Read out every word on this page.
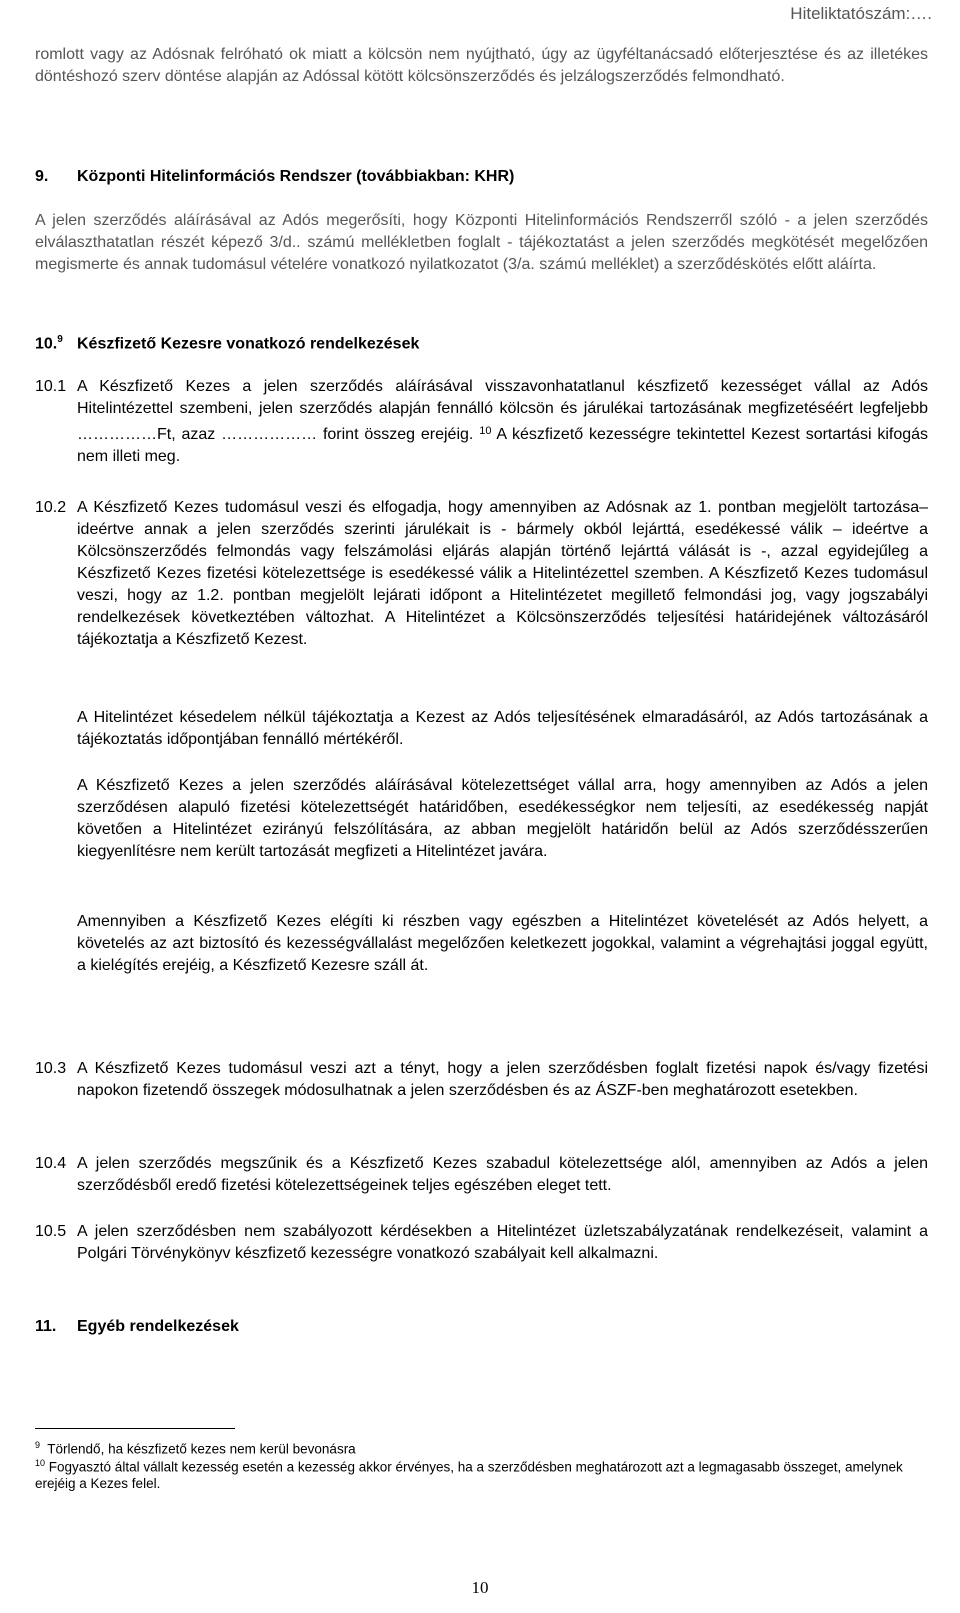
Hiteliktatószám:….
romlott vagy az Adósnak felróható ok miatt a kölcsön nem nyújtható, úgy az ügyféltanácsadó előterjesztése és az illetékes döntéshozó szerv döntése alapján az Adóssal kötött kölcsönszerződés és jelzálogszerződés felmondható.
9. Központi Hitelinformációs Rendszer (továbbiakban: KHR)
A jelen szerződés aláírásával az Adós megerősíti, hogy Központi Hitelinformációs Rendszerről szóló - a jelen szerződés elválaszthatatlan részét képező 3/d.. számú mellékletben foglalt - tájékoztatást a jelen szerződés megkötését megelőzően megismerte és annak tudomásul vételére vonatkozó nyilatkozatot (3/a. számú melléklet) a szerződéskötés előtt aláírta.
10.$^9$ Készfizető Kezesre vonatkozó rendelkezések
10.1 A Készfizető Kezes a jelen szerződés aláírásával visszavonhatatlanul készfizető kezességet vállal az Adós Hitelintézettel szembeni, jelen szerződés alapján fennálló kölcsön és járulékai tartozásának megfizetéséért legfeljebb ……………Ft, azaz ……………… forint összeg erejéig. $^{10}$ A készfizető kezességre tekintettel Kezest sortartási kifogás nem illeti meg.
10.2 A Készfizető Kezes tudomásul veszi és elfogadja, hogy amennyiben az Adósnak az 1. pontban megjelölt tartozása– ideértve annak a jelen szerződés szerinti járulékait is - bármely okból lejárttá, esedékessé válik – ideértve a Kölcsönszerződés felmondás vagy felszámolási eljárás alapján történő lejárttá válását is -, azzal egyidejűleg a Készfizető Kezes fizetési kötelezettsége is esedékessé válik a Hitelintézettel szemben. A Készfizető Kezes tudomásul veszi, hogy az 1.2. pontban megjelölt lejárati időpont a Hitelintézetet megillető felmondási jog, vagy jogszabályi rendelkezések következtében változhat. A Hitelintézet a Kölcsönszerződés teljesítési határidejének változásáról tájékoztatja a Készfizető Kezest.
A Hitelintézet késedelem nélkül tájékoztatja a Kezest az Adós teljesítésének elmaradásáról, az Adós tartozásának a tájékoztatás időpontjában fennálló mértékéről.
A Készfizető Kezes a jelen szerződés aláírásával kötelezettséget vállal arra, hogy amennyiben az Adós a jelen szerződésen alapuló fizetési kötelezettségét határidőben, esedékességkor nem teljesíti, az esedékesség napját követően a Hitelintézet ezirányú felszólítására, az abban megjelölt határidőn belül az Adós szerződésszerűen kiegyenlítésre nem került tartozását megfizeti a Hitelintézet javára.
Amennyiben a Készfizető Kezes elégíti ki részben vagy egészben a Hitelintézet követelését az Adós helyett, a követelés az azt biztosító és kezességvállalást megelőzően keletkezett jogokkal, valamint a végrehajtási joggal együtt, a kielégítés erejéig, a Készfizető Kezesre száll át.
10.3 A Készfizető Kezes tudomásul veszi azt a tényt, hogy a jelen szerződésben foglalt fizetési napok és/vagy fizetési napokon fizetendő összegek módosulhatnak a jelen szerződésben és az ÁSZF-ben meghatározott esetekben.
10.4 A jelen szerződés megszűnik és a Készfizető Kezes szabadul kötelezettsége alól, amennyiben az Adós a jelen szerződésből eredő fizetési kötelezettségeinek teljes egészében eleget tett.
10.5 A jelen szerződésben nem szabályozott kérdésekben a Hitelintézet üzletszabályzatának rendelkezéseit, valamint a Polgári Törvénykönyv készfizető kezességre vonatkozó szabályait kell alkalmazni.
11. Egyéb rendelkezések
$^9$ Törlendő, ha készfizető kezes nem kerül bevonásra
$^{10}$ Fogyasztó által vállalt kezesség esetén a kezesség akkor érvényes, ha a szerződésben meghatározott azt a legmagasabb összeget, amelynek erejéig a Kezes felel.
10
